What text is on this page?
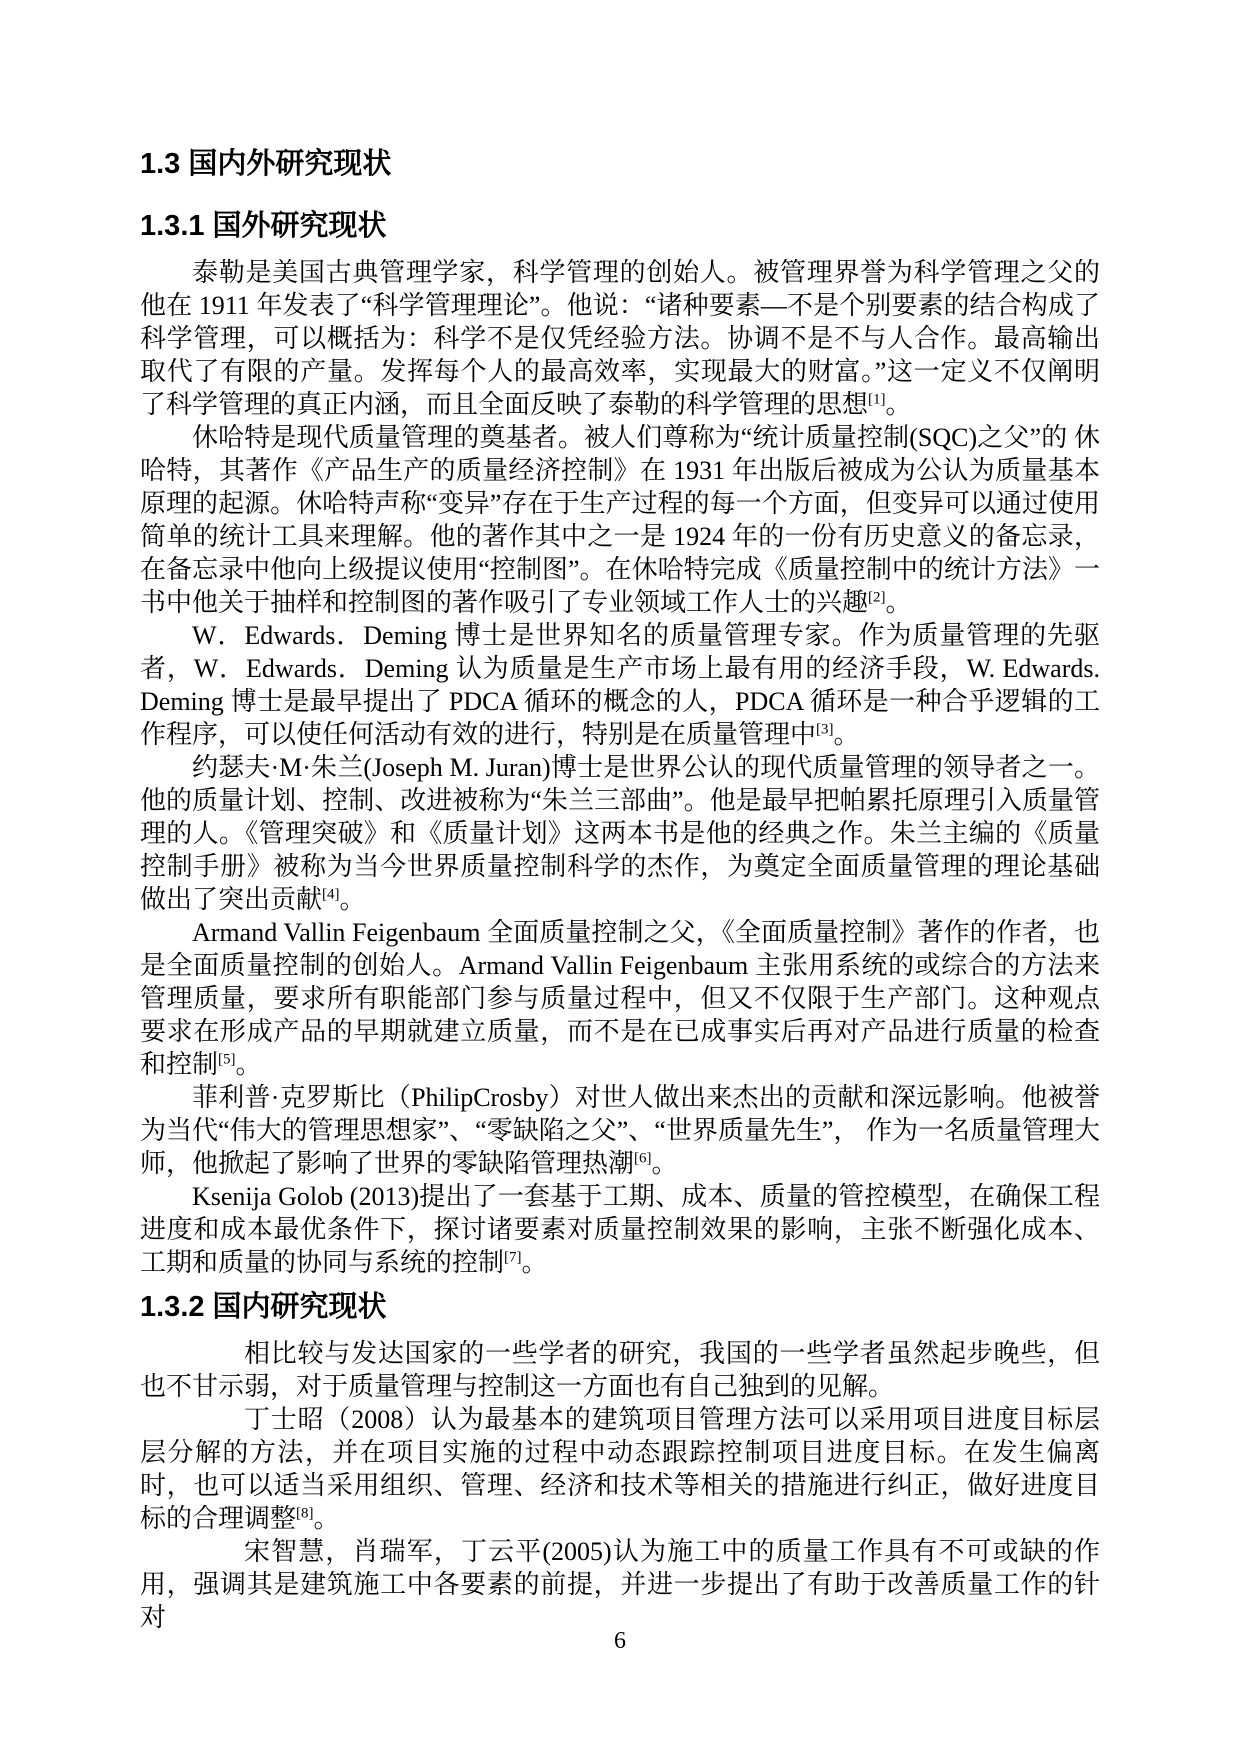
1.3 国内外研究现状
1.3.1 国外研究现状

泰勒是美国古典管理学家，科学管理的创始人。被管理界誉为科学管理之父的他在 1911 年发表了“科学管理理论”。他说：“诸种要素—不是个别要素的结合构成了科学管理，可以概括为：科学不是仅凭经验方法。协调不是不与人合作。最高输出取代了有限的产量。发挥每个人的最高效率，实现最大的财富。”这一定义不仅阐明了科学管理的真正内涵，而且全面反映了泰勒的科学管理的思想[1]。

休哈特是现代质量管理的奠基者。被人们尊称为“统计质量控制(SQC)之父”的 休哈特，其著作《产品生产的质量经济控制》在 1931 年出版后被成为公认为质量基本原理的起源。休哈特声称“变异”存在于生产过程的每一个方面，但变异可以通过使用简单的统计工具来理解。他的著作其中之一是 1924 年的一份有历史意义的备忘录，在备忘录中他向上级提议使用“控制图”。在休哈特完成《质量控制中的统计方法》一书中他关于抽样和控制图的著作吸引了专业领域工作人士的兴趣[2]。

W．Edwards．Deming 博士是世界知名的质量管理专家。作为质量管理的先驱者，W．Edwards．Deming 认为质量是生产市场上最有用的经济手段，W. Edwards. Deming 博士是最早提出了 PDCA 循环的概念的人，PDCA 循环是一种合乎逻辑的工作程序，可以使任何活动有效的进行，特别是在质量管理中[3]。

约瑟夫·M·朱兰(Joseph M. Juran)博士是世界公认的现代质量管理的领导者之一。他的质量计划、控制、改进被称为“朱兰三部曲”。他是最早把帕累托原理引入质量管理的人。《管理突破》和《质量计划》这两本书是他的经典之作。朱兰主编的《质量控制手册》被称为当今世界质量控制科学的杰作，为奠定全面质量管理的理论基础做出了突出贡献[4]。

Armand Vallin Feigenbaum 全面质量控制之父，《全面质量控制》著作的作者，也是全面质量控制的创始人。Armand Vallin Feigenbaum 主张用系统的或综合的方法来管理质量，要求所有职能部门参与质量过程中，但又不仅限于生产部门。这种观点要求在形成产品的早期就建立质量，而不是在已成事实后再对产品进行质量的检查和控制[5]。

菲利普·克罗斯比（PhilipCrosby）对世人做出来杰出的贡献和深远影响。他被誉为当代“伟大的管理思想家”、“零缺陷之父”、“世界质量先生”， 作为一名质量管理大师，他掀起了影响了世界的零缺陷管理热潮[6]。

Ksenija Golob (2013)提出了一套基于工期、成本、质量的管控模型，在确保工程进度和成本最优条件下，探讨诸要素对质量控制效果的影响，主张不断强化成本、工期和质量的协同与系统的控制[7]。

1.3.2 国内研究现状

相比较与发达国家的一些学者的研究，我国的一些学者虽然起步晚些，但也不甘示弱，对于质量管理与控制这一方面也有自己独到的见解。

丁士昭（2008）认为最基本的建筑项目管理方法可以采用项目进度目标层层分解的方法，并在项目实施的过程中动态跟踪控制项目进度目标。在发生偏离时，也可以适当采用组织、管理、经济和技术等相关的措施进行纠正，做好进度目标的合理调整[8]。

宋智慧，肖瑞军，丁云平(2005)认为施工中的质量工作具有不可或缺的作用，强调其是建筑施工中各要素的前提，并进一步提出了有助于改善质量工作的针对

6
